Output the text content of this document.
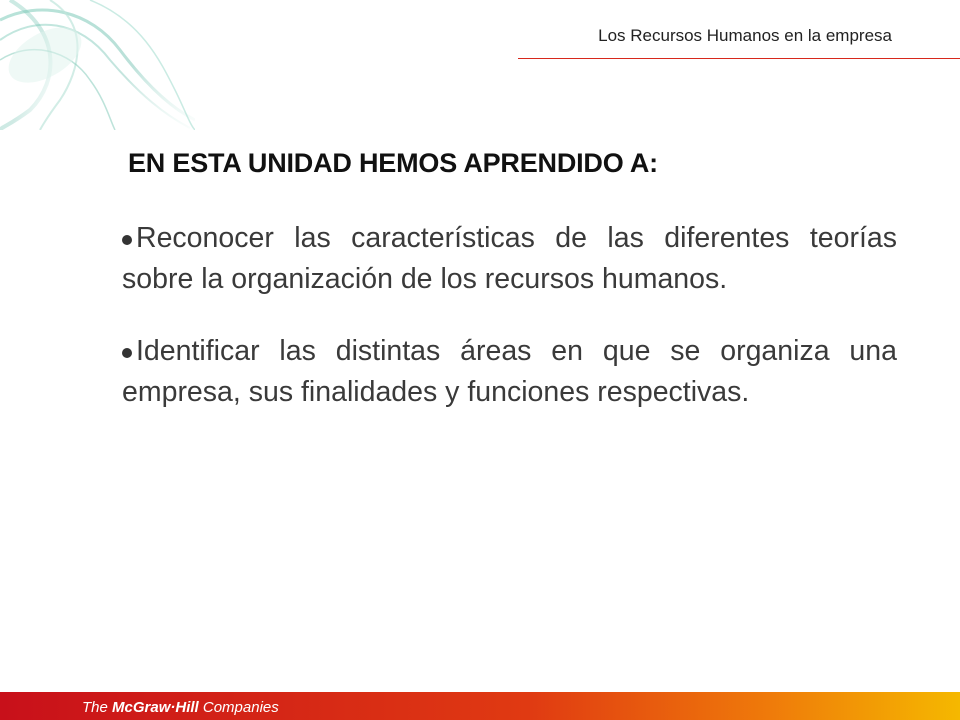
Los Recursos Humanos en la empresa
EN ESTA UNIDAD HEMOS APRENDIDO A:
Reconocer las características de las diferentes teorías sobre la organización de los recursos humanos.
Identificar las distintas áreas en que se organiza una empresa, sus finalidades y funciones respectivas.
The McGraw·Hill Companies
